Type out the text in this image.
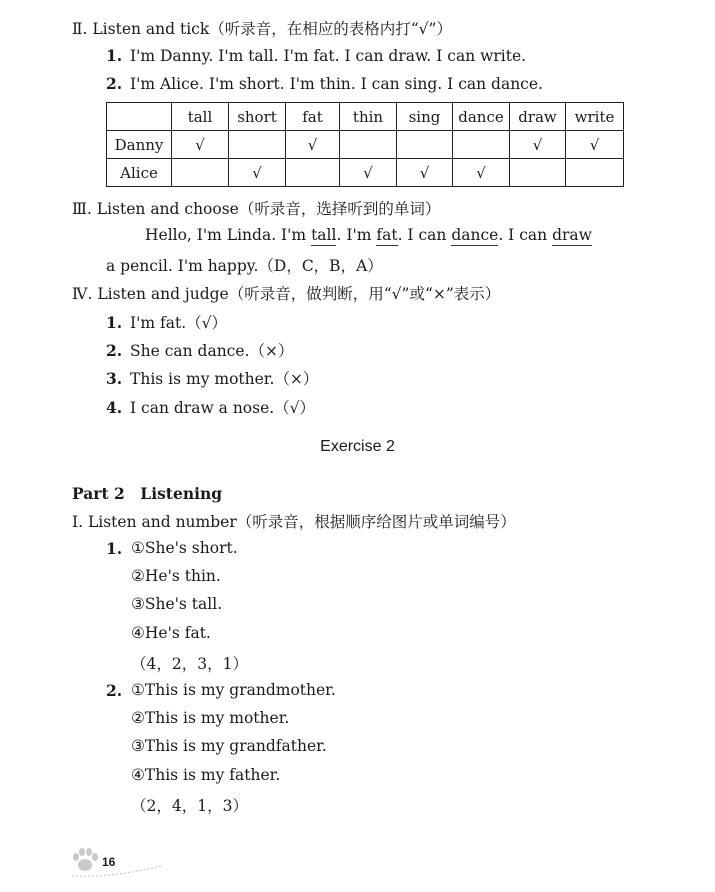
Ⅱ. Listen and tick（听录音，在相应的表格内打“√”）
1. I'm Danny. I'm tall. I'm fat. I can draw. I can write.
2. I'm Alice. I'm short. I'm thin. I can sing. I can dance.
	tall	short	fat	thin	sing	dance	draw	write
Danny	√		√				√	√
Alice		√		√	√	√		
Ⅲ. Listen and choose（听录音，选择听到的单词）
Hello, I'm Linda. I'm tall. I'm fat. I can dance. I can draw
a pencil. I'm happy.（D，C，B，A）
Ⅳ. Listen and judge（听录音，做判断，用“√”或“×”表示）
1. I'm fat.（√）
2. She can dance.（×）
3. This is my mother.（×）
4. I can draw a nose.（√）
Exercise 2
Part 2　Listening
Ⅰ. Listen and number（听录音，根据顺序给图片或单词编号）
1. ①She's short.
②He's thin.
③She's tall.
④He's fat.
（4，2，3，1）
2. ①This is my grandmother.
②This is my mother.
③This is my grandfather.
④This is my father.
（2，4，1，3）
16
